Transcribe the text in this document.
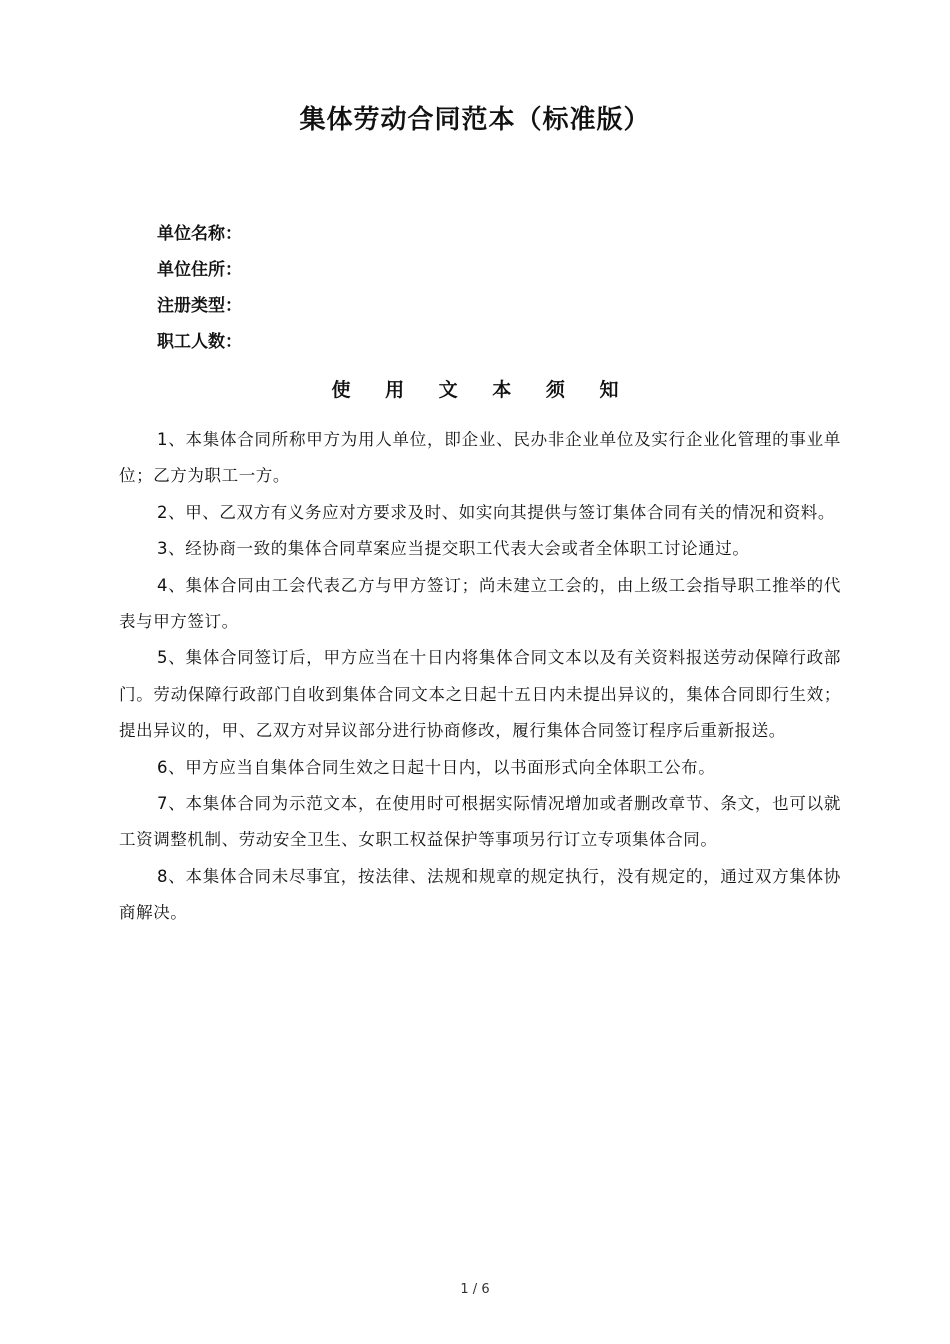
集体劳动合同范本（标准版）
单位名称：
单位住所：
注册类型：
职工人数：
使 用 文 本 须 知

1、本集体合同所称甲方为用人单位，即企业、民办非企业单位及实行企业化管理的事业单位；乙方为职工一方。

2、甲、乙双方有义务应对方要求及时、如实向其提供与签订集体合同有关的情况和资料。

3、经协商一致的集体合同草案应当提交职工代表大会或者全体职工讨论通过。

4、集体合同由工会代表乙方与甲方签订；尚未建立工会的，由上级工会指导职工推举的代表与甲方签订。

5、集体合同签订后，甲方应当在十日内将集体合同文本以及有关资料报送劳动保障行政部门。劳动保障行政部门自收到集体合同文本之日起十五日内未提出异议的，集体合同即行生效；提出异议的，甲、乙双方对异议部分进行协商修改，履行集体合同签订程序后重新报送。

6、甲方应当自集体合同生效之日起十日内，以书面形式向全体职工公布。

7、本集体合同为示范文本，在使用时可根据实际情况增加或者删改章节、条文，也可以就工资调整机制、劳动安全卫生、女职工权益保护等事项另行订立专项集体合同。

8、本集体合同未尽事宜，按法律、法规和规章的规定执行，没有规定的，通过双方集体协商解决。

1 / 6
